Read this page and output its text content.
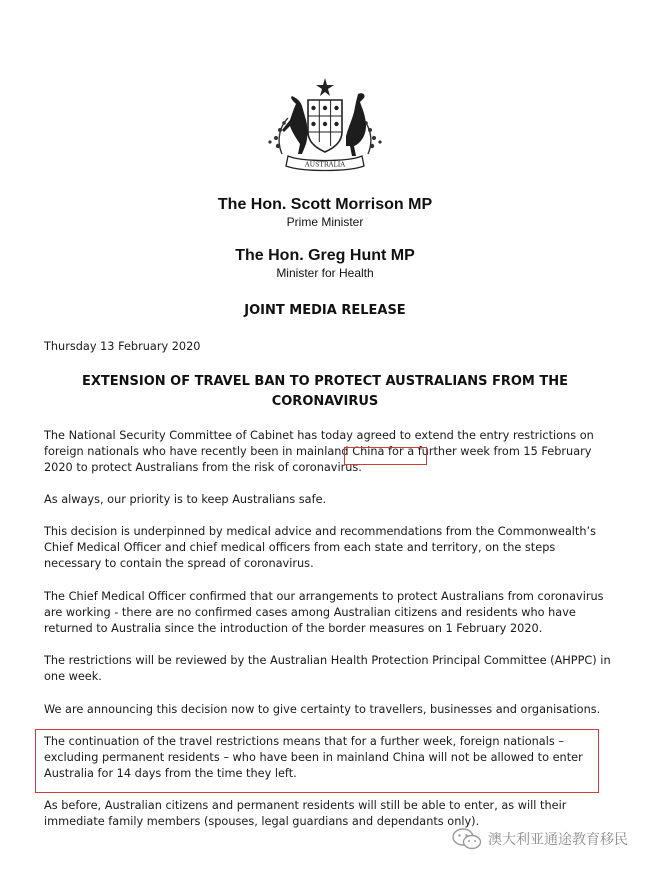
AUSTRALIA
The Hon. Scott Morrison MP
Prime Minister
The Hon. Greg Hunt MP
Minister for Health
JOINT MEDIA RELEASE
Thursday 13 February 2020
EXTENSION OF TRAVEL BAN TO PROTECT AUSTRALIANS FROM THE
CORONAVIRUS
The National Security Committee of Cabinet has today agreed to extend the entry restrictions on foreign nationals who have recently been in mainland China for a further week from 15 February 2020 to protect Australians from the risk of coronavirus.
As always, our priority is to keep Australians safe.
This decision is underpinned by medical advice and recommendations from the Commonwealth’s Chief Medical Officer and chief medical officers from each state and territory, on the steps necessary to contain the spread of coronavirus.
The Chief Medical Officer confirmed that our arrangements to protect Australians from coronavirus are working - there are no confirmed cases among Australian citizens and residents who have returned to Australia since the introduction of the border measures on 1 February 2020.
The restrictions will be reviewed by the Australian Health Protection Principal Committee (AHPPC) in one week.
We are announcing this decision now to give certainty to travellers, businesses and organisations.
The continuation of the travel restrictions means that for a further week, foreign nationals – excluding permanent residents – who have been in mainland China will not be allowed to enter Australia for 14 days from the time they left.
As before, Australian citizens and permanent residents will still be able to enter, as will their immediate family members (spouses, legal guardians and dependants only).
澳大利亚通途教育移民
